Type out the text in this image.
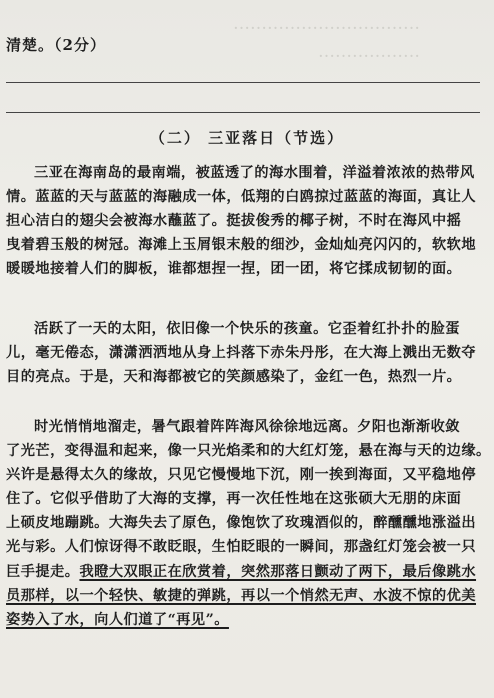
……………………………
………………
清楚。（2分）
（二） 三亚落日（节选）
三亚在海南岛的最南端，被蓝透了的海水围着，洋溢着浓浓的热带风
情。蓝蓝的天与蓝蓝的海融成一体，低翔的白鸥掠过蓝蓝的海面，真让人
担心洁白的翅尖会被海水蘸蓝了。挺拔俊秀的椰子树，不时在海风中摇
曳着碧玉般的树冠。海滩上玉屑银末般的细沙，金灿灿亮闪闪的，软软地
暖暖地接着人们的脚板，谁都想捏一捏，团一团，将它揉成韧韧的面。
活跃了一天的太阳，依旧像一个快乐的孩童。它歪着红扑扑的脸蛋
儿，毫无倦态，潇潇洒洒地从身上抖落下赤朱丹彤，在大海上溅出无数夺
目的亮点。于是，天和海都被它的笑颜感染了，金红一色，热烈一片。
时光悄悄地溜走，暑气跟着阵阵海风徐徐地远离。夕阳也渐渐收敛
了光芒，变得温和起来，像一只光焰柔和的大红灯笼，悬在海与天的边缘。
兴许是悬得太久的缘故，只见它慢慢地下沉，刚一挨到海面，又平稳地停
住了。它似乎借助了大海的支撑，再一次任性地在这张硕大无朋的床面
上硕皮地蹦跳。大海失去了原色，像饱饮了玫瑰酒似的，醉醺醺地涨溢出
光与彩。人们惊讶得不敢眨眼，生怕眨眼的一瞬间，那盏红灯笼会被一只
巨手提走。我瞪大双眼正在欣赏着，突然那落日颤动了两下，最后像跳水
员那样，以一个轻快、敏捷的弹跳，再以一个悄然无声、水波不惊的优美
姿势入了水，向人们道了“再见”。
